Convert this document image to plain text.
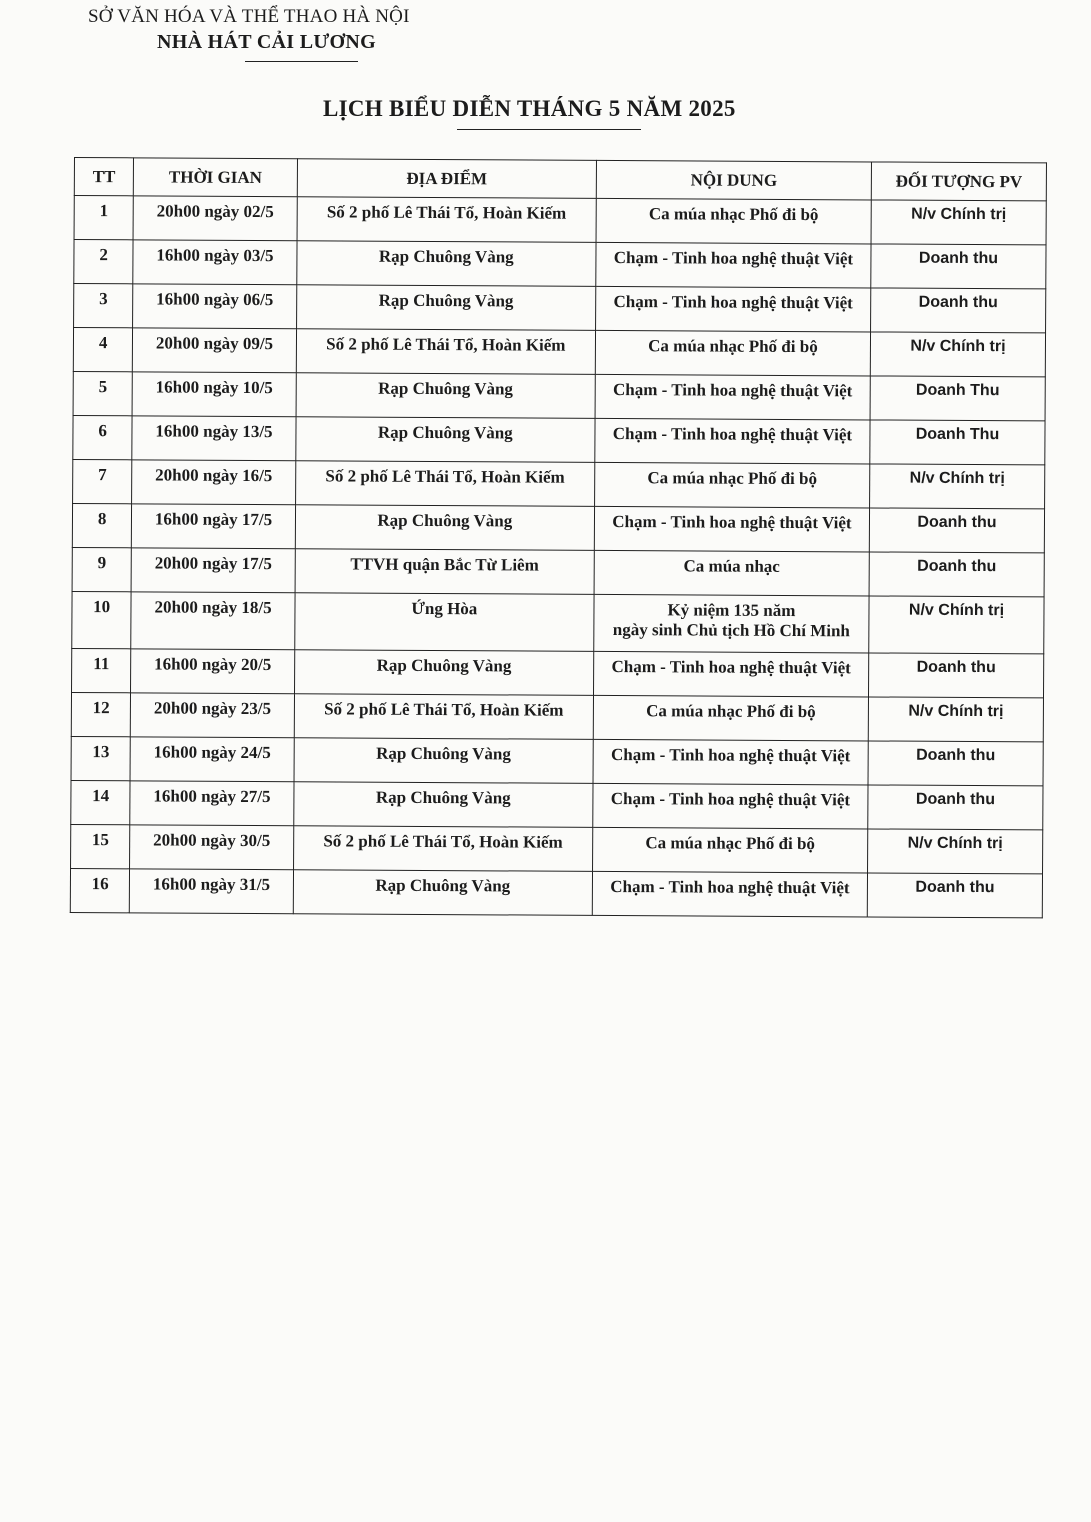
SỞ VĂN HÓA VÀ THỂ THAO HÀ NỘI
NHÀ HÁT CẢI LƯƠNG
LỊCH BIỂU DIỄN THÁNG 5 NĂM 2025
TT	THỜI GIAN	ĐỊA ĐIỂM	NỘI DUNG	ĐỐI TƯỢNG PV
1	20h00 ngày 02/5	Số 2 phố Lê Thái Tổ, Hoàn Kiếm	Ca múa nhạc Phố đi bộ	N/v Chính trị
2	16h00 ngày 03/5	Rạp Chuông Vàng	Chạm - Tinh hoa nghệ thuật Việt	Doanh thu
3	16h00 ngày 06/5	Rạp Chuông Vàng	Chạm - Tinh hoa nghệ thuật Việt	Doanh thu
4	20h00 ngày 09/5	Số 2 phố Lê Thái Tổ, Hoàn Kiếm	Ca múa nhạc Phố đi bộ	N/v Chính trị
5	16h00 ngày 10/5	Rạp Chuông Vàng	Chạm - Tinh hoa nghệ thuật Việt	Doanh Thu
6	16h00 ngày 13/5	Rạp Chuông Vàng	Chạm - Tinh hoa nghệ thuật Việt	Doanh Thu
7	20h00 ngày 16/5	Số 2 phố Lê Thái Tổ, Hoàn Kiếm	Ca múa nhạc Phố đi bộ	N/v Chính trị
8	16h00 ngày 17/5	Rạp Chuông Vàng	Chạm - Tinh hoa nghệ thuật Việt	Doanh thu
9	20h00 ngày 17/5	TTVH quận Bắc Từ Liêm	Ca múa nhạc	Doanh thu
10	20h00 ngày 18/5	Ứng Hòa	Kỷ niệm 135 năm
ngày sinh Chủ tịch Hồ Chí Minh	N/v Chính trị
11	16h00 ngày 20/5	Rạp Chuông Vàng	Chạm - Tinh hoa nghệ thuật Việt	Doanh thu
12	20h00 ngày 23/5	Số 2 phố Lê Thái Tổ, Hoàn Kiếm	Ca múa nhạc Phố đi bộ	N/v Chính trị
13	16h00 ngày 24/5	Rạp Chuông Vàng	Chạm - Tinh hoa nghệ thuật Việt	Doanh thu
14	16h00 ngày 27/5	Rạp Chuông Vàng	Chạm - Tinh hoa nghệ thuật Việt	Doanh thu
15	20h00 ngày 30/5	Số 2 phố Lê Thái Tổ, Hoàn Kiếm	Ca múa nhạc Phố đi bộ	N/v Chính trị
16	16h00 ngày 31/5	Rạp Chuông Vàng	Chạm - Tinh hoa nghệ thuật Việt	Doanh thu
